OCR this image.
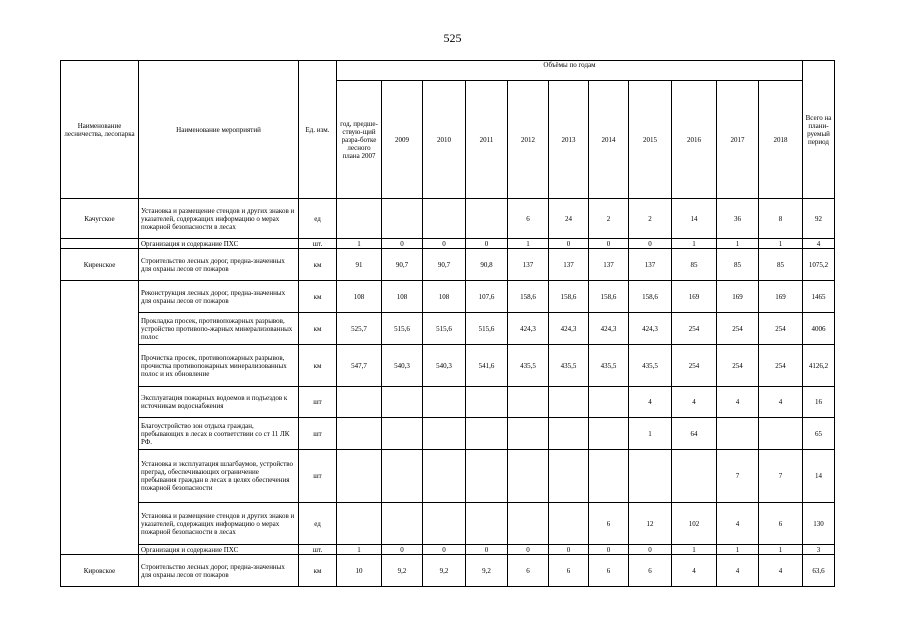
525
Наименование лесничества, лесопарка	Наименование мероприятий	Ед. изм.	Объёмы по годам											Всего на плани-руемый период
			год, предше-ствую-щий разра-ботке лесного плана 2007	2009	2010	2011	2012	2013	2014	2015	2016	2017	2018	
Качугское	Установка и размещение стендов и других знаков и указателей, содержащих информацию о мерах пожарной безопасности в лесах	ед					6	24	2	2	14	36	8	92
	Организация и содержание ПХС	шт.	1	0	0	0	1	0	0	0	1	1	1	4
Киренское	Строительство лесных дорог, предна-значенных для охраны лесов от пожаров	км	91	90,7	90,7	90,8	137	137	137	137	85	85	85	1075,2
	Реконструкция лесных дорог, предна-значенных для охраны лесов от пожаров	км	108	108	108	107,6	158,6	158,6	158,6	158,6	169	169	169	1465
	Прокладка просек, противопожарных разрывов, устройство противопо-жарных минерализованных полос	км	525,7	515,6	515,6	515,6	424,3	424,3	424,3	424,3	254	254	254	4006
	Прочистка просек, противопожарных разрывов, прочистка противопожарных минерализованных полос и их обновление	км	547,7	540,3	540,3	541,6	435,5	435,5	435,5	435,5	254	254	254	4126,2
	Эксплуатация пожарных водоемов и подъездов к источникам водоснабжения	шт								4	4	4	4	16
	Благоустройство зон отдыха граждан, пребывающих в лесах в соответствии со ст 11 ЛК РФ.	шт								1	64			65
	Установка и эксплуатация шлагбаумов, устройство преград, обеспечивающих ограничение пребывания граждан в лесах в целях обеспечения пожарной безопасности	шт										7	7	14
	Установка и размещение стендов и других знаков и указателей, содержащих информацию о мерах пожарной безопасности в лесах	ед							6	12	102	4	6	130
	Организация и содержание ПХС	шт.	1	0	0	0	0	0	0	0	1	1	1	3
Кировское	Строительство лесных дорог, предна-значенных для охраны лесов от пожаров	км	10	9,2	9,2	9,2	6	6	6	6	4	4	4	63,6
